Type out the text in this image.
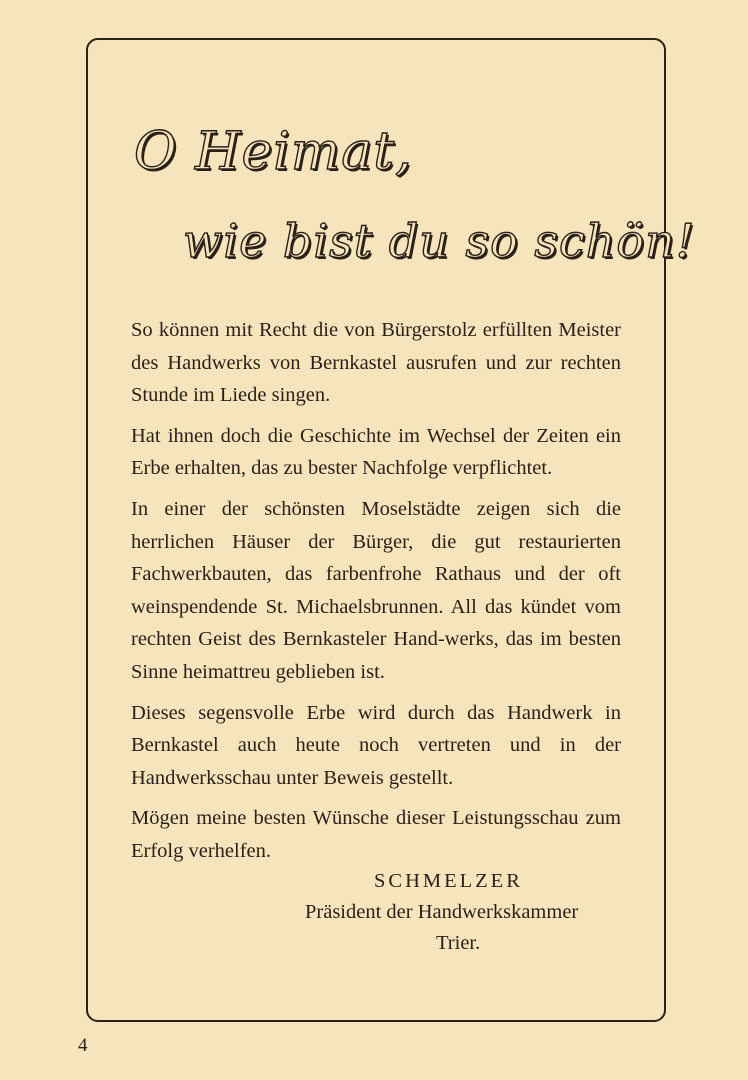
O Heimat,
wie bist du so schön!

So können mit Recht die von Bürgerstolz erfüllten Meister des Handwerks von Bernkastel ausrufen und zur rechten Stunde im Liede singen.

Hat ihnen doch die Geschichte im Wechsel der Zeiten ein Erbe erhalten, das zu bester Nachfolge verpflichtet.

In einer der schönsten Moselstädte zeigen sich die herrlichen Häuser der Bürger, die gut restaurierten Fachwerkbauten, das farbenfrohe Rathaus und der oft weinspendende St. Michaelsbrunnen. All das kündet vom rechten Geist des Bernkasteler Hand-werks, das im besten Sinne heimattreu geblieben ist.

Dieses segensvolle Erbe wird durch das Handwerk in Bernkastel auch heute noch vertreten und in der Handwerksschau unter Beweis gestellt.

Mögen meine besten Wünsche dieser Leistungsschau zum Erfolg verhelfen.

SCHMELZER
Präsident der Handwerkskammer
Trier.
4
